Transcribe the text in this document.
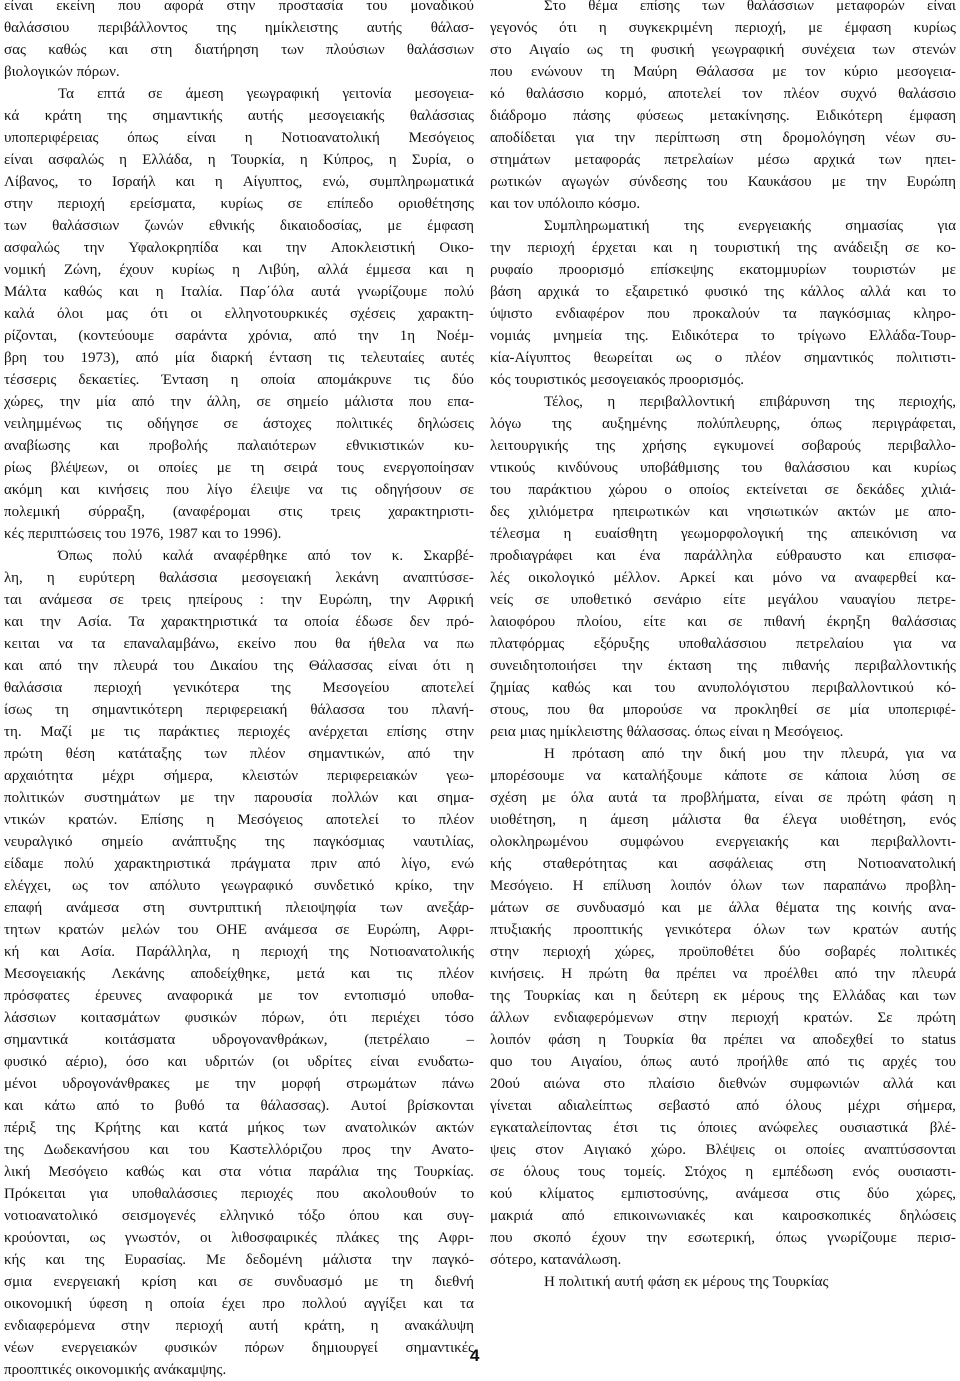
είναι εκείνη που αφορά στην προστασία του μοναδικού
θαλάσσιου περιβάλλοντος της ημίκλειστης αυτής θάλασ-
σας καθώς και στη διατήρηση των πλούσιων θαλάσσιων
βιολογικών πόρων.
Τα επτά σε άμεση γεωγραφική γειτονία μεσογεια-
κά κράτη της σημαντικής αυτής μεσογειακής θαλάσσιας
υποπεριφέρειας όπως είναι η Νοτιοανατολική Μεσόγειος
είναι ασφαλώς η Ελλάδα, η Τουρκία, η Κύπρος, η Συρία, ο
Λίβανος, το Ισραήλ και η Αίγυπτος, ενώ, συμπληρωματικά
στην περιοχή ερείσματα, κυρίως σε επίπεδο οριοθέτησης
των θαλάσσιων ζωνών εθνικής δικαιοδοσίας, με έμφαση
ασφαλώς την Υφαλοκρηπίδα και την Αποκλειστική Οικο-
νομική Ζώνη, έχουν κυρίως η Λιβύη, αλλά έμμεσα και η
Μάλτα καθώς και η Ιταλία. Παρ΄όλα αυτά γνωρίζουμε πολύ
καλά όλοι μας ότι οι ελληνοτουρκικές σχέσεις χαρακτη-
ρίζονται, (κοντεύουμε σαράντα χρόνια, από την 1η Νοέμ-
βρη του 1973), από μία διαρκή ένταση τις τελευταίες αυτές
τέσσερις δεκαετίες. Ένταση η οποία απομάκρυνε τις δύο
χώρες, την μία από την άλλη, σε σημείο μάλιστα που επα-
νειλημμένως τις οδήγησε σε άστοχες πολιτικές δηλώσεις
αναβίωσης και προβολής παλαιότερων εθνικιστικών κυ-
ρίως βλέψεων, οι οποίες με τη σειρά τους ενεργοποίησαν
ακόμη και κινήσεις που λίγο έλειψε να τις οδηγήσουν σε
πολεμική σύρραξη, (αναφέρομαι στις τρεις χαρακτηριστι-
κές περιπτώσεις του 1976, 1987 και το 1996).
Όπως πολύ καλά αναφέρθηκε από τον κ. Σκαρβέ-
λη, η ευρύτερη θαλάσσια μεσογειακή λεκάνη αναπτύσσε-
ται ανάμεσα σε τρεις ηπείρους : την Ευρώπη, την Αφρική
και την Ασία. Τα χαρακτηριστικά τα οποία έδωσε δεν πρό-
κειται να τα επαναλαμβάνω, εκείνο που θα ήθελα να πω
και από την πλευρά του Δικαίου της Θάλασσας είναι ότι η
θαλάσσια περιοχή γενικότερα της Μεσογείου αποτελεί
ίσως τη σημαντικότερη περιφερειακή θάλασσα του πλανή-
τη. Μαζί με τις παράκτιες περιοχές ανέρχεται επίσης στην
πρώτη θέση κατάταξης των πλέον σημαντικών, από την
αρχαιότητα μέχρι σήμερα, κλειστών περιφερειακών γεω-
πολιτικών συστημάτων με την παρουσία πολλών και σημα-
ντικών κρατών. Επίσης η Μεσόγειος αποτελεί το πλέον
νευραλγικό σημείο ανάπτυξης της παγκόσμιας ναυτιλίας,
είδαμε πολύ χαρακτηριστικά πράγματα πριν από λίγο, ενώ
ελέγχει, ως τον απόλυτο γεωγραφικό συνδετικό κρίκο, την
επαφή ανάμεσα στη συντριπτική πλειοψηφία των ανεξάρ-
τητων κρατών μελών του ΟΗΕ ανάμεσα σε Ευρώπη, Αφρι-
κή και Ασία. Παράλληλα, η περιοχή της Νοτιοανατολικής
Μεσογειακής Λεκάνης αποδείχθηκε, μετά και τις πλέον
πρόσφατες έρευνες αναφορικά με τον εντοπισμό υποθα-
λάσσιων κοιτασμάτων φυσικών πόρων, ότι περιέχει τόσο
σημαντικά κοιτάσματα υδρογονανθράκων, (πετρέλαιο –
φυσικό αέριο), όσο και υδριτών (οι υδρίτες είναι ενυδατω-
μένοι υδρογονάνθρακες με την μορφή στρωμάτων πάνω
και κάτω από το βυθό τα θάλασσας). Αυτοί βρίσκονται
πέριξ της Κρήτης και κατά μήκος των ανατολικών ακτών
της Δωδεκανήσου και του Καστελλόριζου προς την Ανατο-
λική Μεσόγειο καθώς και στα νότια παράλια της Τουρκίας.
Πρόκειται για υποθαλάσσιες περιοχές που ακολουθούν το
νοτιοανατολικό σεισμογενές ελληνικό τόξο όπου και συγ-
κρούονται, ως γνωστόν, οι λιθοσφαιρικές πλάκες της Αφρι-
κής και της Ευρασίας. Με δεδομένη μάλιστα την παγκό-
σμια ενεργειακή κρίση και σε συνδυασμό με τη διεθνή
οικονομική ύφεση η οποία έχει προ πολλού αγγίξει και τα
ενδιαφερόμενα στην περιοχή αυτή κράτη, η ανακάλυψη
νέων ενεργειακών φυσικών πόρων δημιουργεί σημαντικές
προοπτικές οικονομικής ανάκαμψης.
Στο θέμα επίσης των θαλάσσιων μεταφορών είναι
γεγονός ότι η συγκεκριμένη περιοχή, με έμφαση κυρίως
στο Αιγαίο ως τη φυσική γεωγραφική συνέχεια των στενών
που ενώνουν τη Μαύρη Θάλασσα με τον κύριο μεσογεια-
κό θαλάσσιο κορμό, αποτελεί τον πλέον συχνό θαλάσσιο
διάδρομο πάσης φύσεως μετακίνησης. Ειδικότερη έμφαση
αποδίδεται για την περίπτωση στη δρομολόγηση νέων συ-
στημάτων μεταφοράς πετρελαίων μέσω αρχικά των ηπει-
ρωτικών αγωγών σύνδεσης του Καυκάσου με την Ευρώπη
και τον υπόλοιπο κόσμο.
Συμπληρωματική της ενεργειακής σημασίας για
την περιοχή έρχεται και η τουριστική της ανάδειξη σε κο-
ρυφαίο προορισμό επίσκεψης εκατομμυρίων τουριστών με
βάση αρχικά το εξαιρετικό φυσικό της κάλλος αλλά και το
ύψιστο ενδιαφέρον που προκαλούν τα παγκόσμιας κληρο-
νομιάς μνημεία της. Ειδικότερα το τρίγωνο Ελλάδα-Τουρ-
κία-Αίγυπτος θεωρείται ως ο πλέον σημαντικός πολιτιστι-
κός τουριστικός μεσογειακός προορισμός.
Τέλος, η περιβαλλοντική επιβάρυνση της περιοχής,
λόγω της αυξημένης πολύπλευρης, όπως περιγράφεται,
λειτουργικής της χρήσης εγκυμονεί σοβαρούς περιβαλλο-
ντικούς κινδύνους υποβάθμισης του θαλάσσιου και κυρίως
του παράκτιου χώρου ο οποίος εκτείνεται σε δεκάδες χιλιά-
δες χιλιόμετρα ηπειρωτικών και νησιωτικών ακτών με απο-
τέλεσμα η ευαίσθητη γεωμορφολογική της απεικόνιση να
προδιαγράφει και ένα παράλληλα εύθραυστο και επισφα-
λές οικολογικό μέλλον. Αρκεί και μόνο να αναφερθεί κα-
νείς σε υποθετικό σενάριο είτε μεγάλου ναυαγίου πετρε-
λαιοφόρου πλοίου, είτε και σε πιθανή έκρηξη θαλάσσιας
πλατφόρμας εξόρυξης υποθαλάσσιου πετρελαίου για να
συνειδητοποιήσει την έκταση της πιθανής περιβαλλοντικής
ζημίας καθώς και του ανυπολόγιστου περιβαλλοντικού κό-
στους, που θα μπορούσε να προκληθεί σε μία υποπεριφέ-
ρεια μιας ημίκλειστης θάλασσας. όπως είναι η Μεσόγειος.
Η πρόταση από την δική μου την πλευρά, για να
μπορέσουμε να καταλήξουμε κάποτε σε κάποια λύση σε
σχέση με όλα αυτά τα προβλήματα, είναι σε πρώτη φάση η
υιοθέτηση, η άμεση μάλιστα θα έλεγα υιοθέτηση, ενός
ολοκληρωμένου συμφώνου ενεργειακής και περιβαλλοντι-
κής σταθερότητας και ασφάλειας στη Νοτιοανατολική
Μεσόγειο. Η επίλυση λοιπόν όλων των παραπάνω προβλη-
μάτων σε συνδυασμό και με άλλα θέματα της κοινής ανα-
πτυξιακής προοπτικής γενικότερα όλων των κρατών αυτής
στην περιοχή χώρες, προϋποθέτει δύο σοβαρές πολιτικές
κινήσεις. Η πρώτη θα πρέπει να προέλθει από την πλευρά
της Τουρκίας και η δεύτερη εκ μέρους της Ελλάδας και των
άλλων ενδιαφερόμενων στην περιοχή κρατών. Σε πρώτη
λοιπόν φάση η Τουρκία θα πρέπει να αποδεχθεί το status
quo του Αιγαίου, όπως αυτό προήλθε από τις αρχές του
20ού αιώνα στο πλαίσιο διεθνών συμφωνιών αλλά και
γίνεται αδιαλείπτως σεβαστό από όλους μέχρι σήμερα,
εγκαταλείποντας έτσι τις όποιες ανώφελες ουσιαστικά βλέ-
ψεις στον Αιγιακό χώρο. Βλέψεις οι οποίες αναπτύσσονται
σε όλους τους τομείς. Στόχος η εμπέδωση ενός ουσιαστι-
κού κλίματος εμπιστοσύνης, ανάμεσα στις δύο χώρες,
μακριά από επικοινωνιακές και καιροσκοπικές δηλώσεις
που σκοπό έχουν την εσωτερική, όπως γνωρίζουμε περισ-
σότερο, κατανάλωση.
Η πολιτική αυτή φάση εκ μέρους της Τουρκίας
4
